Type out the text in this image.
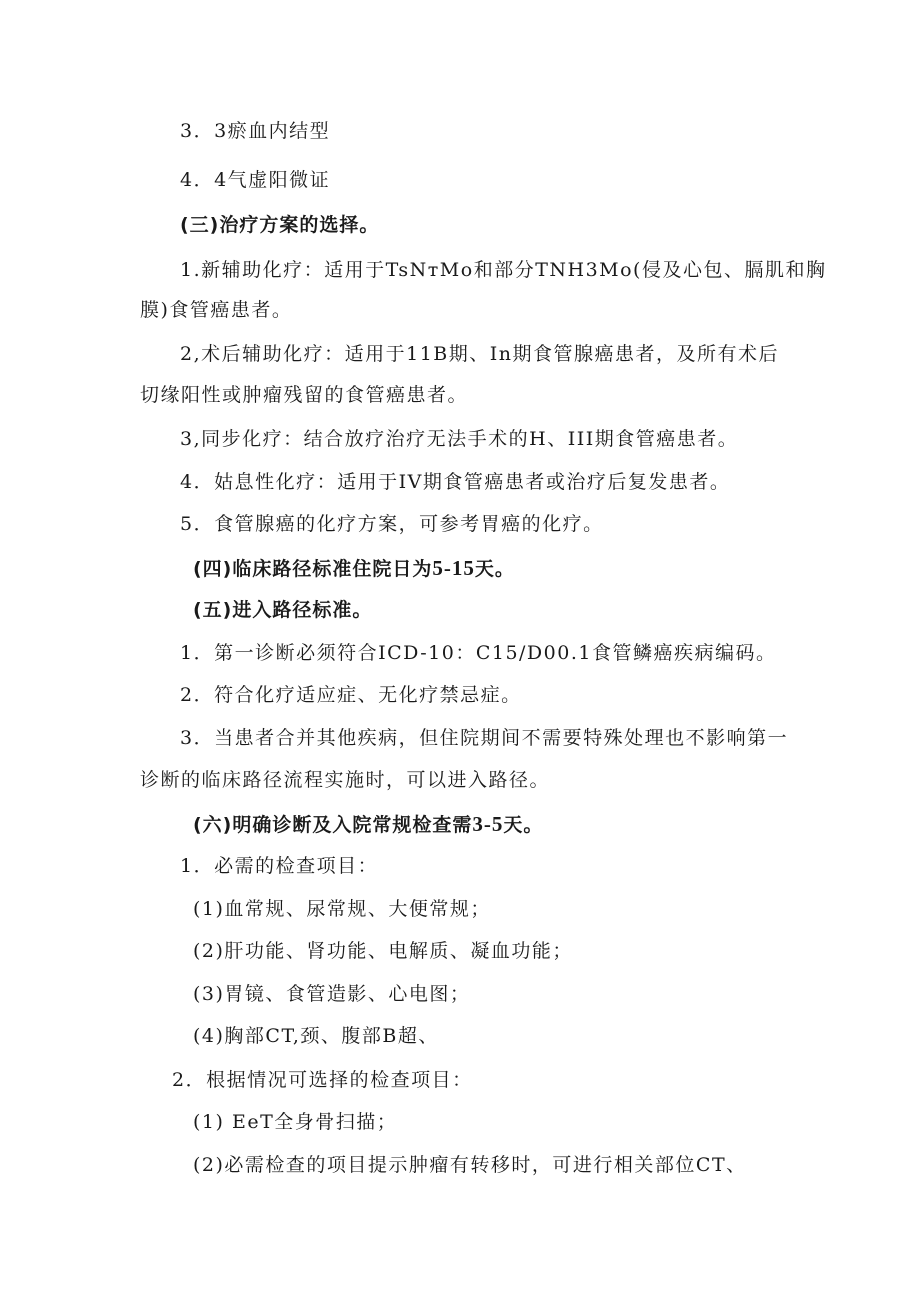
3．3瘀血内结型
4．4气虚阳微证
(三)治疗方案的选择。
1.新辅助化疗：适用于TsNтMo和部分TNH3Mo(侵及心包、膈肌和胸
膜)食管癌患者。
2,术后辅助化疗：适用于11B期、In期食管腺癌患者，及所有术后
切缘阳性或肿瘤残留的食管癌患者。
3,同步化疗：结合放疗治疗无法手术的H、III期食管癌患者。
4．姑息性化疗：适用于IV期食管癌患者或治疗后复发患者。
5．食管腺癌的化疗方案，可参考胃癌的化疗。
(四)临床路径标准住院日为5-15天。
(五)进入路径标准。
1．第一诊断必须符合ICD-10：C15/D00.1食管鳞癌疾病编码。
2．符合化疗适应症、无化疗禁忌症。
3．当患者合并其他疾病，但住院期间不需要特殊处理也不影响第一
诊断的临床路径流程实施时，可以进入路径。
(六)明确诊断及入院常规检查需3-5天。
1．必需的检查项目：
(1)血常规、尿常规、大便常规；
(2)肝功能、肾功能、电解质、凝血功能；
(3)胃镜、食管造影、心电图；
(4)胸部CT,颈、腹部B超、
2．根据情况可选择的检查项目：
(1) EeT全身骨扫描；
(2)必需检查的项目提示肿瘤有转移时，可进行相关部位CT、
